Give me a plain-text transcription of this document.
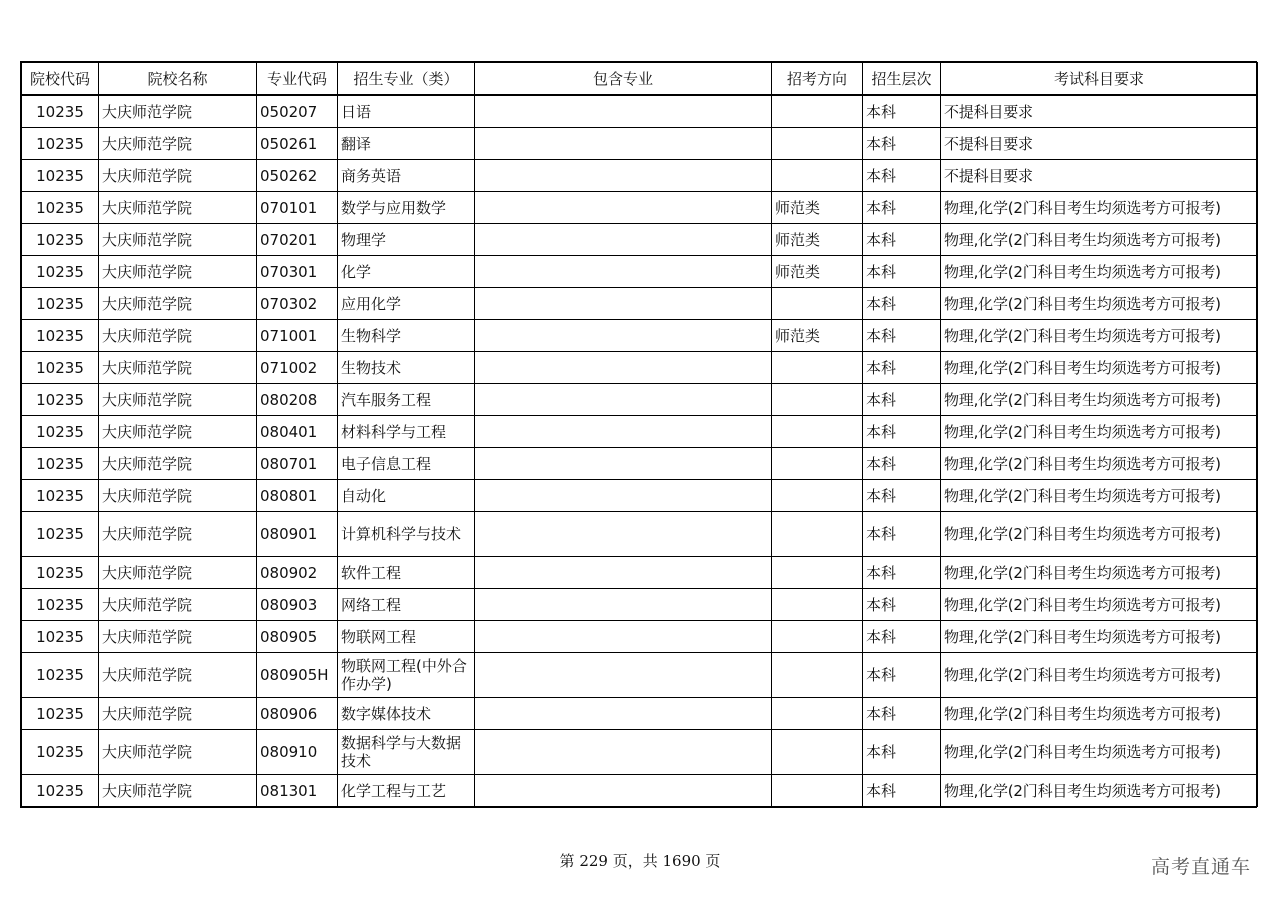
院校代码	院校名称	专业代码	招生专业（类）	包含专业	招考方向	招生层次	考试科目要求
10235	大庆师范学院	050207	日语			本科	不提科目要求
10235	大庆师范学院	050261	翻译			本科	不提科目要求
10235	大庆师范学院	050262	商务英语			本科	不提科目要求
10235	大庆师范学院	070101	数学与应用数学		师范类	本科	物理,化学(2门科目考生均须选考方可报考)
10235	大庆师范学院	070201	物理学		师范类	本科	物理,化学(2门科目考生均须选考方可报考)
10235	大庆师范学院	070301	化学		师范类	本科	物理,化学(2门科目考生均须选考方可报考)
10235	大庆师范学院	070302	应用化学			本科	物理,化学(2门科目考生均须选考方可报考)
10235	大庆师范学院	071001	生物科学		师范类	本科	物理,化学(2门科目考生均须选考方可报考)
10235	大庆师范学院	071002	生物技术			本科	物理,化学(2门科目考生均须选考方可报考)
10235	大庆师范学院	080208	汽车服务工程			本科	物理,化学(2门科目考生均须选考方可报考)
10235	大庆师范学院	080401	材料科学与工程			本科	物理,化学(2门科目考生均须选考方可报考)
10235	大庆师范学院	080701	电子信息工程			本科	物理,化学(2门科目考生均须选考方可报考)
10235	大庆师范学院	080801	自动化			本科	物理,化学(2门科目考生均须选考方可报考)
10235	大庆师范学院	080901	计算机科学与技术			本科	物理,化学(2门科目考生均须选考方可报考)
10235	大庆师范学院	080902	软件工程			本科	物理,化学(2门科目考生均须选考方可报考)
10235	大庆师范学院	080903	网络工程			本科	物理,化学(2门科目考生均须选考方可报考)
10235	大庆师范学院	080905	物联网工程			本科	物理,化学(2门科目考生均须选考方可报考)
10235	大庆师范学院	080905H	物联网工程(中外合作办学)			本科	物理,化学(2门科目考生均须选考方可报考)
10235	大庆师范学院	080906	数字媒体技术			本科	物理,化学(2门科目考生均须选考方可报考)
10235	大庆师范学院	080910	数据科学与大数据技术			本科	物理,化学(2门科目考生均须选考方可报考)
10235	大庆师范学院	081301	化学工程与工艺			本科	物理,化学(2门科目考生均须选考方可报考)
第 229 页，共 1690 页	高考直通车
